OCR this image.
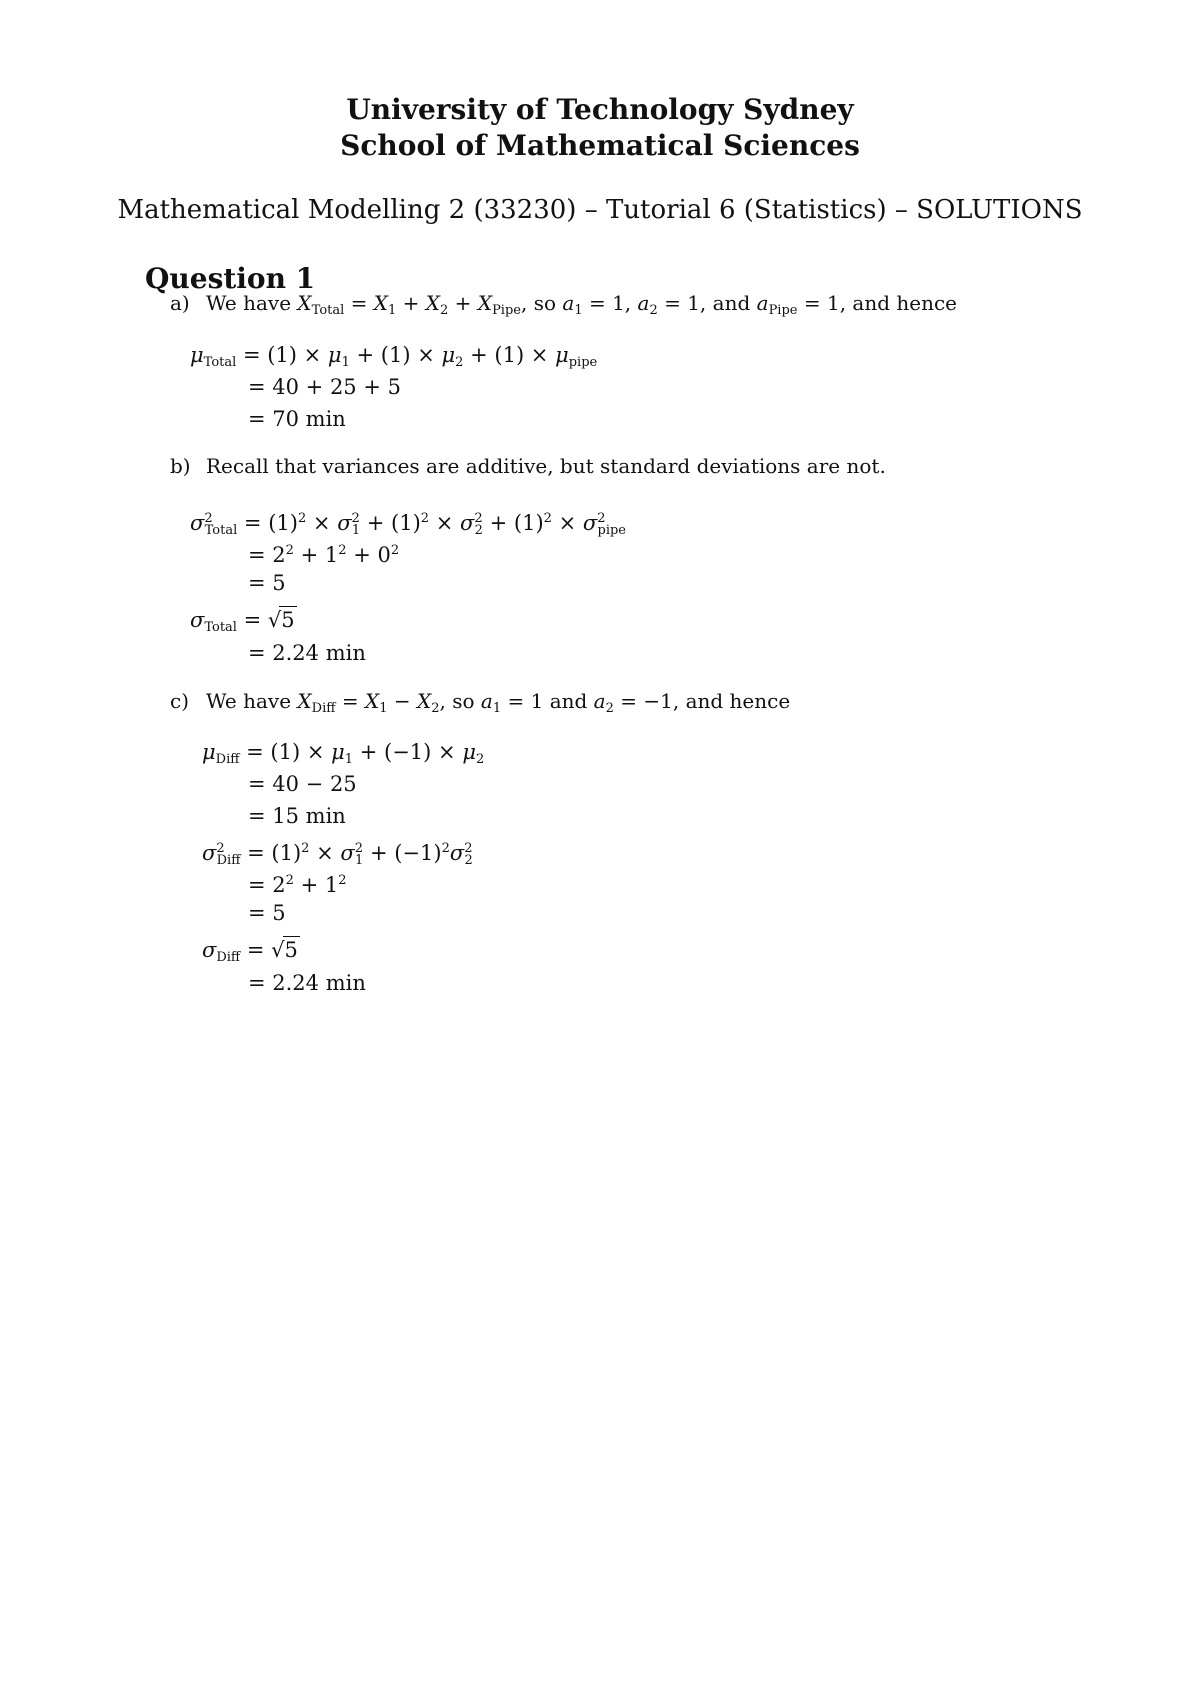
University of Technology Sydney
School of Mathematical Sciences
Mathematical Modelling 2 (33230) – Tutorial 6 (Statistics) – SOLUTIONS
Question 1
a) We have $X_{Total} = X_1 + X_2 + X_{Pipe}$, so $a_1 = 1$, $a_2 = 1$, and $a_{Pipe} = 1$, and hence
$\mu_{Total} = (1) \times \mu_1 + (1) \times \mu_2 + (1) \times \mu_{pipe}$
= 40 + 25 + 5
= 70 min
b) Recall that variances are additive, but standard deviations are not.
$\sigma^2_{Total} = (1)^2 \times \sigma^2_1 + (1)^2 \times \sigma^2_2 + (1)^2 \times \sigma^2_{pipe}$
= $2^2 + 1^2 + 0^2$
= 5
$\sigma_{Total} = √5$
= 2.24 min
c) We have $X_{Diff} = X_1 - X_2$, so $a_1 = 1$ and $a_2 = -1$, and hence
$\mu_{Diff} = (1) \times \mu_1 + (-1) \times \mu_2$
= 40 − 25
= 15 min
$\sigma^2_{Diff} = (1)^2 \times \sigma^2_1 + (-1)^2\sigma^2_2$
= $2^2 + 1^2$
= 5
$\sigma_{Diff} = √5$
= 2.24 min
